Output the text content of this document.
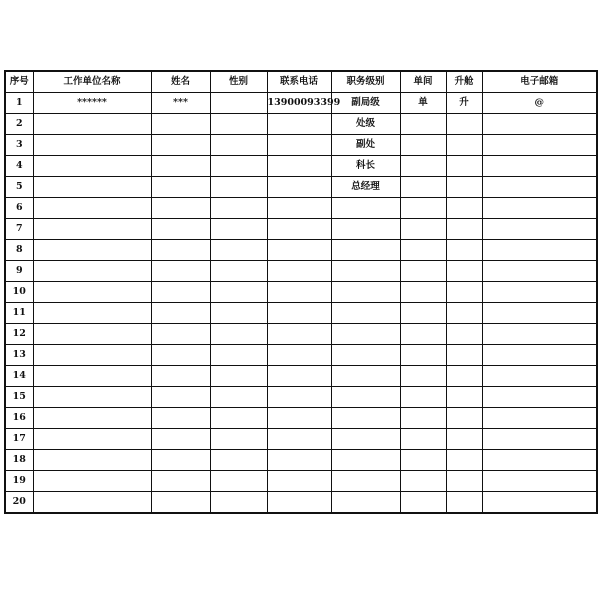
序号	工作单位名称	姓名	性别	联系电话	职务级别	单间	升舱	电子邮箱
1	******	***		13900093399	副局级	单	升	@
2					处级			
3					副处			
4					科长			
5					总经理			
6								
7								
8								
9								
10								
11								
12								
13								
14								
15								
16								
17								
18								
19								
20								
